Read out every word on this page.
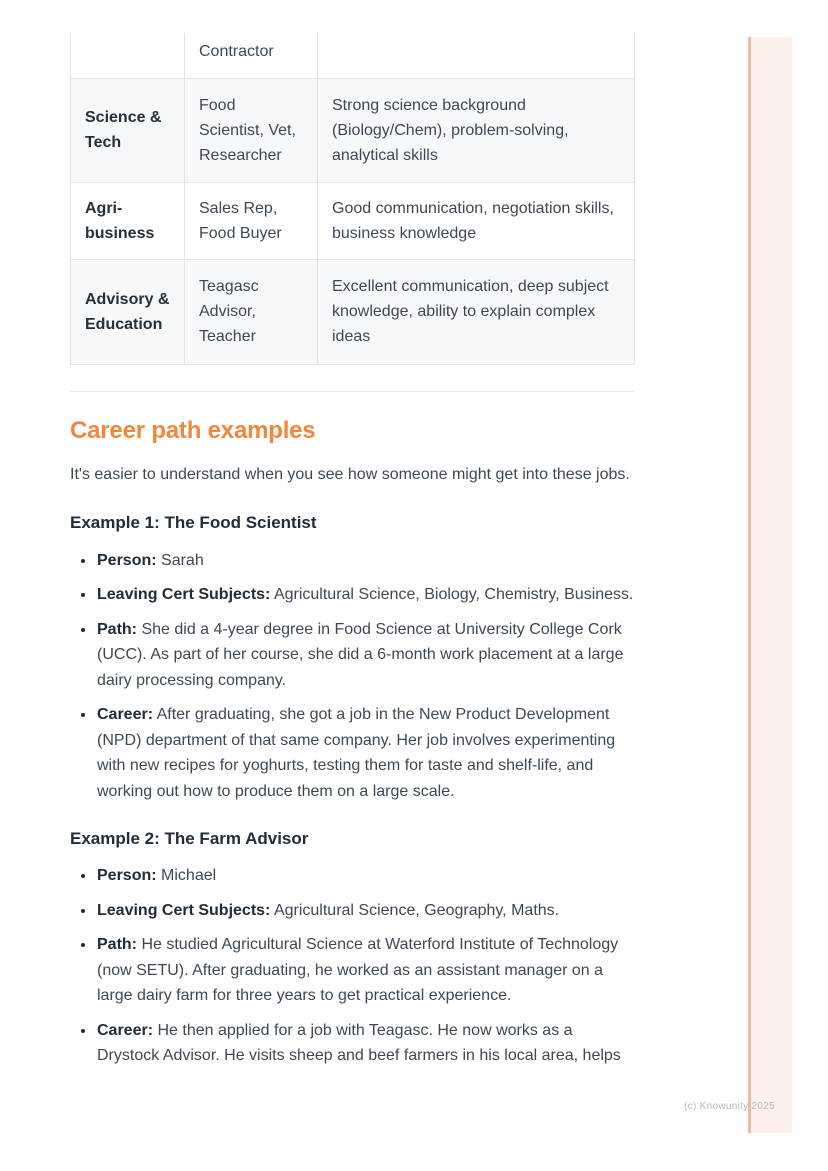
	Contractor	
Science & Tech	Food Scientist, Vet, Researcher	Strong science background (Biology/Chem), problem-solving, analytical skills
Agri-business	Sales Rep, Food Buyer	Good communication, negotiation skills, business knowledge
Advisory & Education	Teagasc Advisor, Teacher	Excellent communication, deep subject knowledge, ability to explain complex ideas
Career path examples

It's easier to understand when you see how someone might get into these jobs.

Example 1: The Food Scientist
• Person: Sarah
• Leaving Cert Subjects: Agricultural Science, Biology, Chemistry, Business.
• Path: She did a 4-year degree in Food Science at University College Cork (UCC). As part of her course, she did a 6-month work placement at a large dairy processing company.
• Career: After graduating, she got a job in the New Product Development (NPD) department of that same company. Her job involves experimenting with new recipes for yoghurts, testing them for taste and shelf-life, and working out how to produce them on a large scale.
Example 2: The Farm Advisor
• Person: Michael
• Leaving Cert Subjects: Agricultural Science, Geography, Maths.
• Path: He studied Agricultural Science at Waterford Institute of Technology (now SETU). After graduating, he worked as an assistant manager on a large dairy farm for three years to get practical experience.
• Career: He then applied for a job with Teagasc. He now works as a Drystock Advisor. He visits sheep and beef farmers in his local area, helps
(c) Knowunity 2025
